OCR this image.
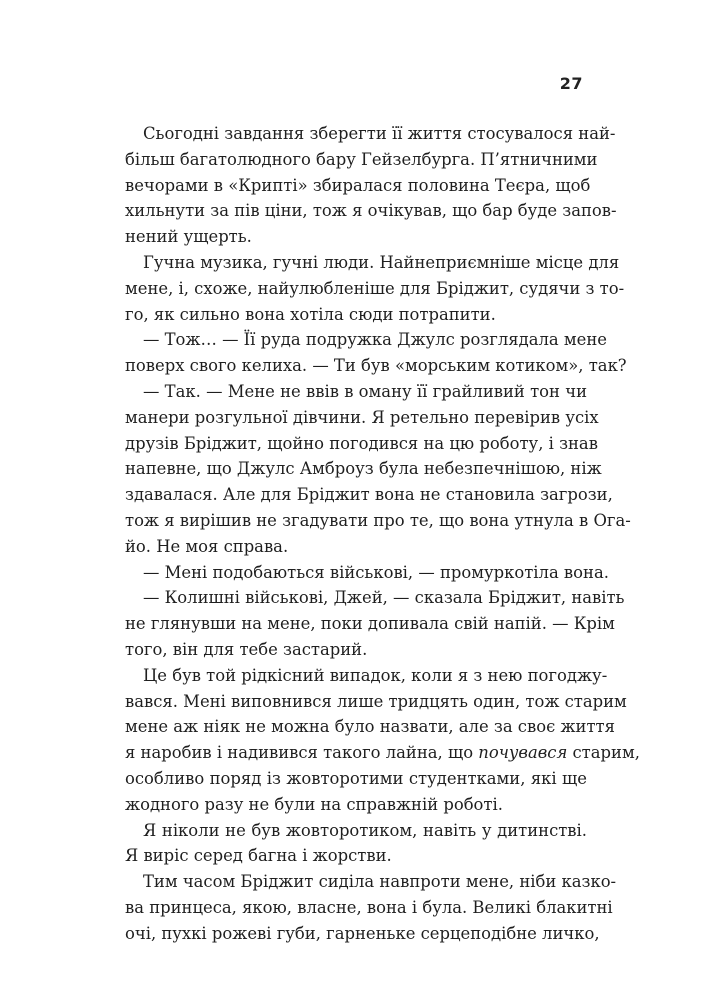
27

Сьогодні завдання зберегти її життя стосувалося най-
більш багатолюдного бару Гейзелбурга. П’ятничними
вечорами в «Крипті» збиралася половина Теєра, щоб
хильнути за пів ціни, тож я очікував, що бар буде запов-
нений ущерть.

Гучна музика, гучні люди. Найнеприємніше місце для
мене, і, схоже, найулюбленіше для Бріджит, судячи з то-
го, як сильно вона хотіла сюди потрапити.

— Тож… — Її руда подружка Джулс розглядала мене
поверх свого келиха. — Ти був «морським котиком», так?

— Так. — Мене не ввів в оману її грайливий тон чи
манери розгульної дівчини. Я ретельно перевірив усіх
друзів Бріджит, щойно погодився на цю роботу, і знав
напевне, що Джулс Амброуз була небезпечнішою, ніж
здавалася. Але для Бріджит вона не становила загрози,
тож я вирішив не згадувати про те, що вона утнула в Ога-
йо. Не моя справа.

— Мені подобаються військові, — промуркотіла вона.

— Колишні військові, Джей, — сказала Бріджит, навіть
не глянувши на мене, поки допивала свій напій. — Крім
того, він для тебе застарий.

Це був той рідкісний випадок, коли я з нею погоджу-
вався. Мені виповнився лише тридцять один, тож старим
мене аж ніяк не можна було назвати, але за своє життя
я наробив і надивився такого лайна, що почувався старим,
особливо поряд із жовторотими студентками, які ще
жодного разу не були на справжній роботі.

Я ніколи не був жовторотиком, навіть у дитинстві.
Я виріс серед багна і жорстви.

Тим часом Бріджит сиділа навпроти мене, ніби казко-
ва принцеса, якою, власне, вона і була. Великі блакитні
очі, пухкі рожеві губи, гарненьке серцеподібне личко,
